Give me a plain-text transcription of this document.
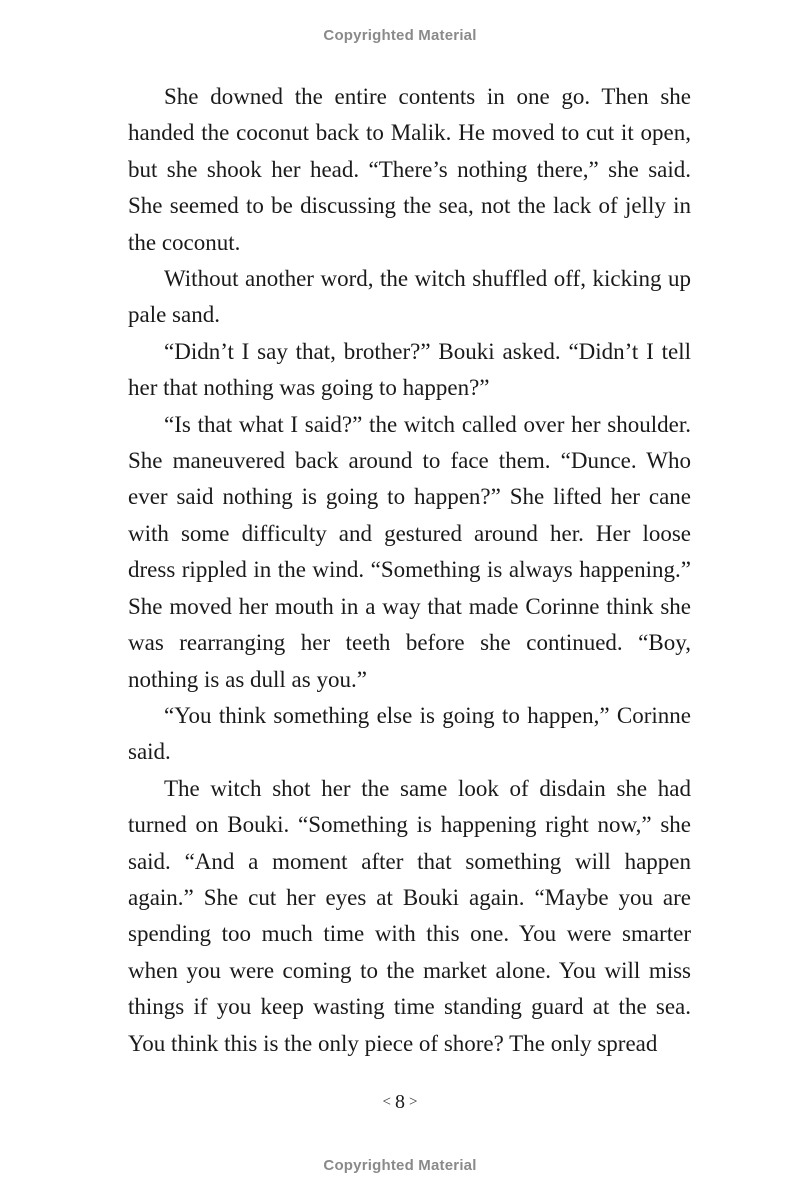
Copyrighted Material

She downed the entire contents in one go. Then she handed the coconut back to Malik. He moved to cut it open, but she shook her head. “There’s nothing there,” she said. She seemed to be discussing the sea, not the lack of jelly in the coconut.

Without another word, the witch shuffled off, kicking up pale sand.

“Didn’t I say that, brother?” Bouki asked. “Didn’t I tell her that nothing was going to happen?”

“Is that what I said?” the witch called over her shoulder. She maneuvered back around to face them. “Dunce. Who ever said nothing is going to happen?” She lifted her cane with some difficulty and gestured around her. Her loose dress rippled in the wind. “Something is always happening.” She moved her mouth in a way that made Corinne think she was rearranging her teeth before she continued. “Boy, nothing is as dull as you.”

“You think something else is going to happen,” Corinne said.

The witch shot her the same look of disdain she had turned on Bouki. “Something is happening right now,” she said. “And a moment after that something will happen again.” She cut her eyes at Bouki again. “Maybe you are spending too much time with this one. You were smarter when you were coming to the market alone. You will miss things if you keep wasting time standing guard at the sea. You think this is the only piece of shore? The only spread

< 8 >
Copyrighted Material
